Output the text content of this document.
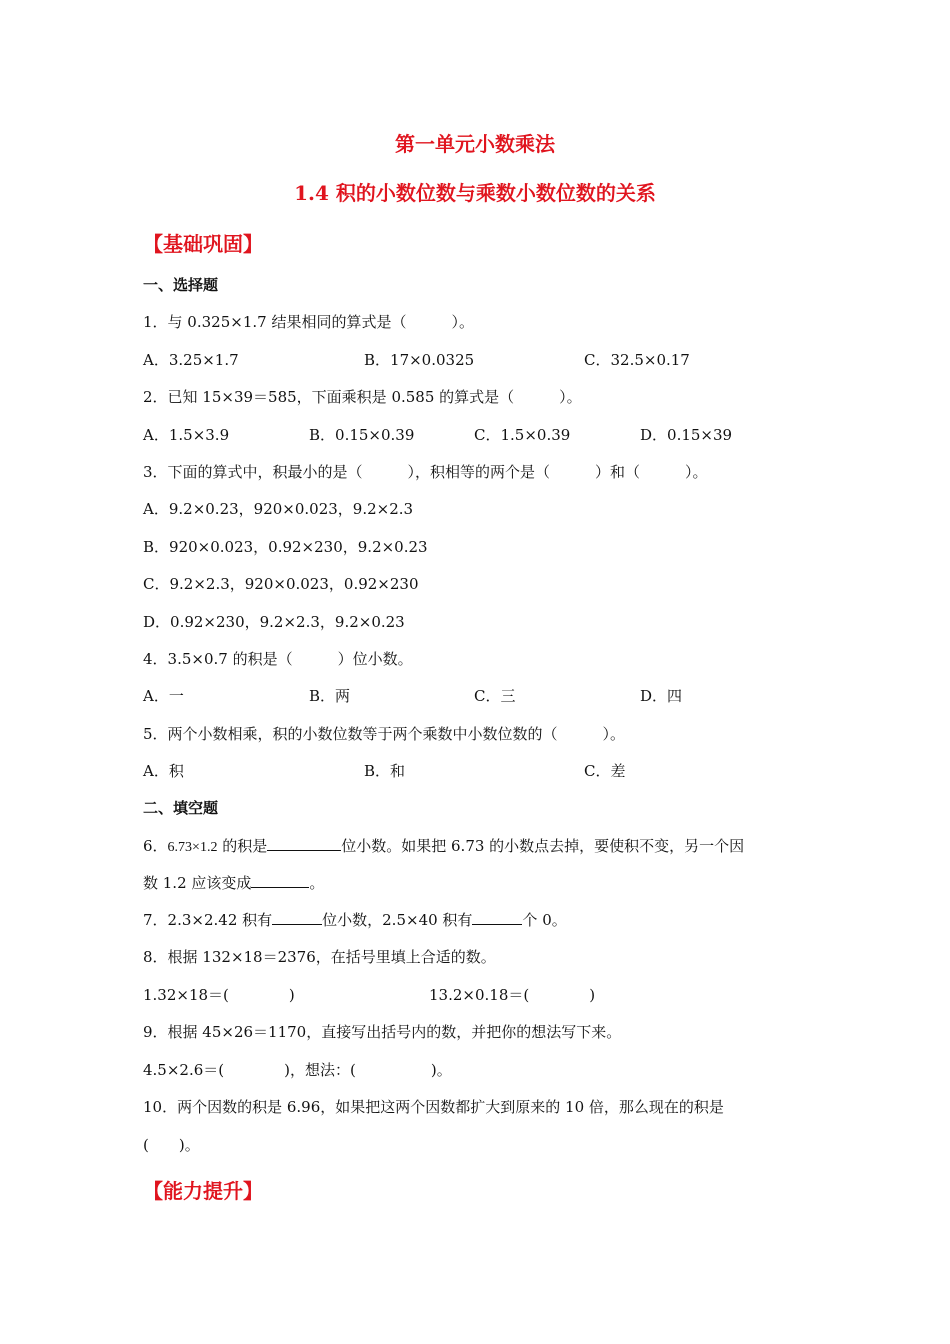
第一单元小数乘法
1.4 积的小数位数与乘数小数位数的关系
【基础巩固】
一、选择题
1．与 0.325×1.7 结果相同的算式是（　　　）。
A．3.25×1.7	B．17×0.0325	C．32.5×0.17
2．已知 15×39＝585，下面乘积是 0.585 的算式是（　　　）。
A．1.5×3.9	B．0.15×0.39	C．1.5×0.39	D．0.15×39
3．下面的算式中，积最小的是（　　　），积相等的两个是（　　　）和（　　　）。
A．9.2×0.23，920×0.023，9.2×2.3
B．920×0.023，0.92×230，9.2×0.23
C．9.2×2.3，920×0.023，0.92×230
D．0.92×230，9.2×2.3，9.2×0.23
4．3.5×0.7 的积是（　　　）位小数。
A．一	B．两	C．三	D．四
5．两个小数相乘，积的小数位数等于两个乘数中小数位数的（　　　）。
A．积	B．和	C．差
二、填空题
6．6.73×1.2 的积是	位小数。如果把 6.73 的小数点去掉，要使积不变，另一个因
数 1.2 应该变成	。
7．2.3×2.42 积有	位小数，2.5×40 积有	个 0。
8．根据 132×18＝2376，在括号里填上合适的数。
1.32×18＝(　　　　)	13.2×0.18＝(　　　　)
9．根据 45×26＝1170，直接写出括号内的数，并把你的想法写下来。
4.5×2.6＝(　　　　)，想法：(　　　　　)。
10．两个因数的积是 6.96，如果把这两个因数都扩大到原来的 10 倍，那么现在的积是
(　　)。
【能力提升】
